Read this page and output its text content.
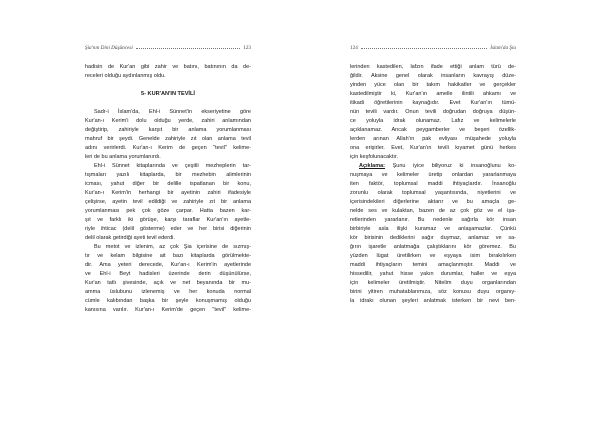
Şia'nın Dini Düşüncesi	123
hadisin de Kur'an gibi zahir ve batını, batınının da de-
receleri olduğu aydınlanmış oldu.
5- KUR'AN'IN TEVİLİ
Sadr-i İslam'da, Ehl-i Sünnet'in ekseriyetine göre
Kur'an-ı Kerim'i dolu olduğu yerde, zahiri anlamından
değiştirip, zahiriyle karşıt bir anlama yorumlanması
mahruf bir şeydi. Genelde zahiriyle zıt olan anlama tevil
adını verirlerdi. Kur'an-ı Kerim de geçen "tevil" kelime-
leri de bu anlama yorumlanırdı.
Ehl-i Sünnet kitaplarında ve çeşitli mezheplerin tar-
tışmaları yazılı kitaplarda, bir mezhebin alimlerinin
icması, yahut diğer bir delille ispatlanan bir konu,
Kur'an-ı Kerim'in herhangi bir ayetinin zahiri ifadesiyle
çelişirse, ayetin tevil edildiği ve zahiriyle zıt bir anlama
yorumlanması pek çok göze çarpar. Hatta bazen kar-
şıt ve farklı iki görüşe, karşı taraflar Kur'an'ın ayetle-
riyle ihticac (delil gösterme) eder ve her birisi diğerinin
delil olarak getirdiği ayeti tevil ederdi.
Bu metot ve izlenim, az çok Şia içerisine de sızmış-
tır ve kelam bilgisine ait bazı kitaplarda görülmekte-
dir. Ama yeteri derecede, Kur'an-ı Kerim'in ayetlerinde
ve Ehl-i Beyt hadisleri üzerinde derin düşünülürse,
Kur'an tatlı şivesinde, açık ve net beyanında bir mu-
amma üslubunu izlenemiş ve her konuda normal
cümle kalıbından başka bir şeyle konuşmamış olduğu
kanısına varılır. Kur'an-ı Kerim'de geçen "tevil" kelime-
124	İslam'da Şia
lerinden kastedilen, lafzın ifade ettiği anlam türü de-
ğildir. Aksine genel olarak insanların kavrayış düze-
yinden yüce olan bir takım hakikatler ve gerçekler
kastedilmiştir ki, Kur'an'ın amelle ilintili ahkamı ve
itikadi öğretilerinin kaynağıdır. Evet Kur'an'ın tümü-
nün tevili vardır. Onun tevili doğrudan doğruya düşün-
ce yoluyla idrak olunamaz. Lafız ve kelimelerle
açıklanamaz. Ancak peygamberler ve beşeri özellik-
lerden arınan Allah'ın pak evliyası müşahede yoluyla
ona erişirler. Evet, Kur'an'ın tevili kıyamet günü herkes
için keşfolunacaktır.
Açıklama: Şunu iyice biliyoruz ki insanoğlunu ko-
nuşmaya ve kelimeler üretip onlardan yararlanmaya
iten faktör, toplumsal maddi ihtiyaçlardır. İnsanoğlu
zorunlu olarak toplumsal yaşantısında, niyetlerini ve
içerisindekileri diğerlerine aktarır ve bu amaçla ge-
nelde ses ve kulaktan, bazen de az çok göz ve el işa-
retlerinden yararlanır. Bu nedenle sağırla kör insan
birbiriyle asla ilişki kuramaz ve anlaşamazlar. Çünkü
kör birisinin dediklerini sağır duymaz, anlamaz ve sa-
ğırın işaretle anlatmağa çalıştıklarını kör göremez. Bu
yüzden lügat üretilirken ve eşyaya isim bırakılırken
maddi ihtiyaçların temini amaçlanmıştır. Maddi ve
hissedilir, yahut hisse yakın durumlar, haller ve eşya
için kelimeler üretilmiştir. Nitelim duyu organlarından
birini yitiren muhatablarımıza, söz konusu duyu organıy-
la idrakı olunan şeyleri anlatmak isterken bir nevi ben-
